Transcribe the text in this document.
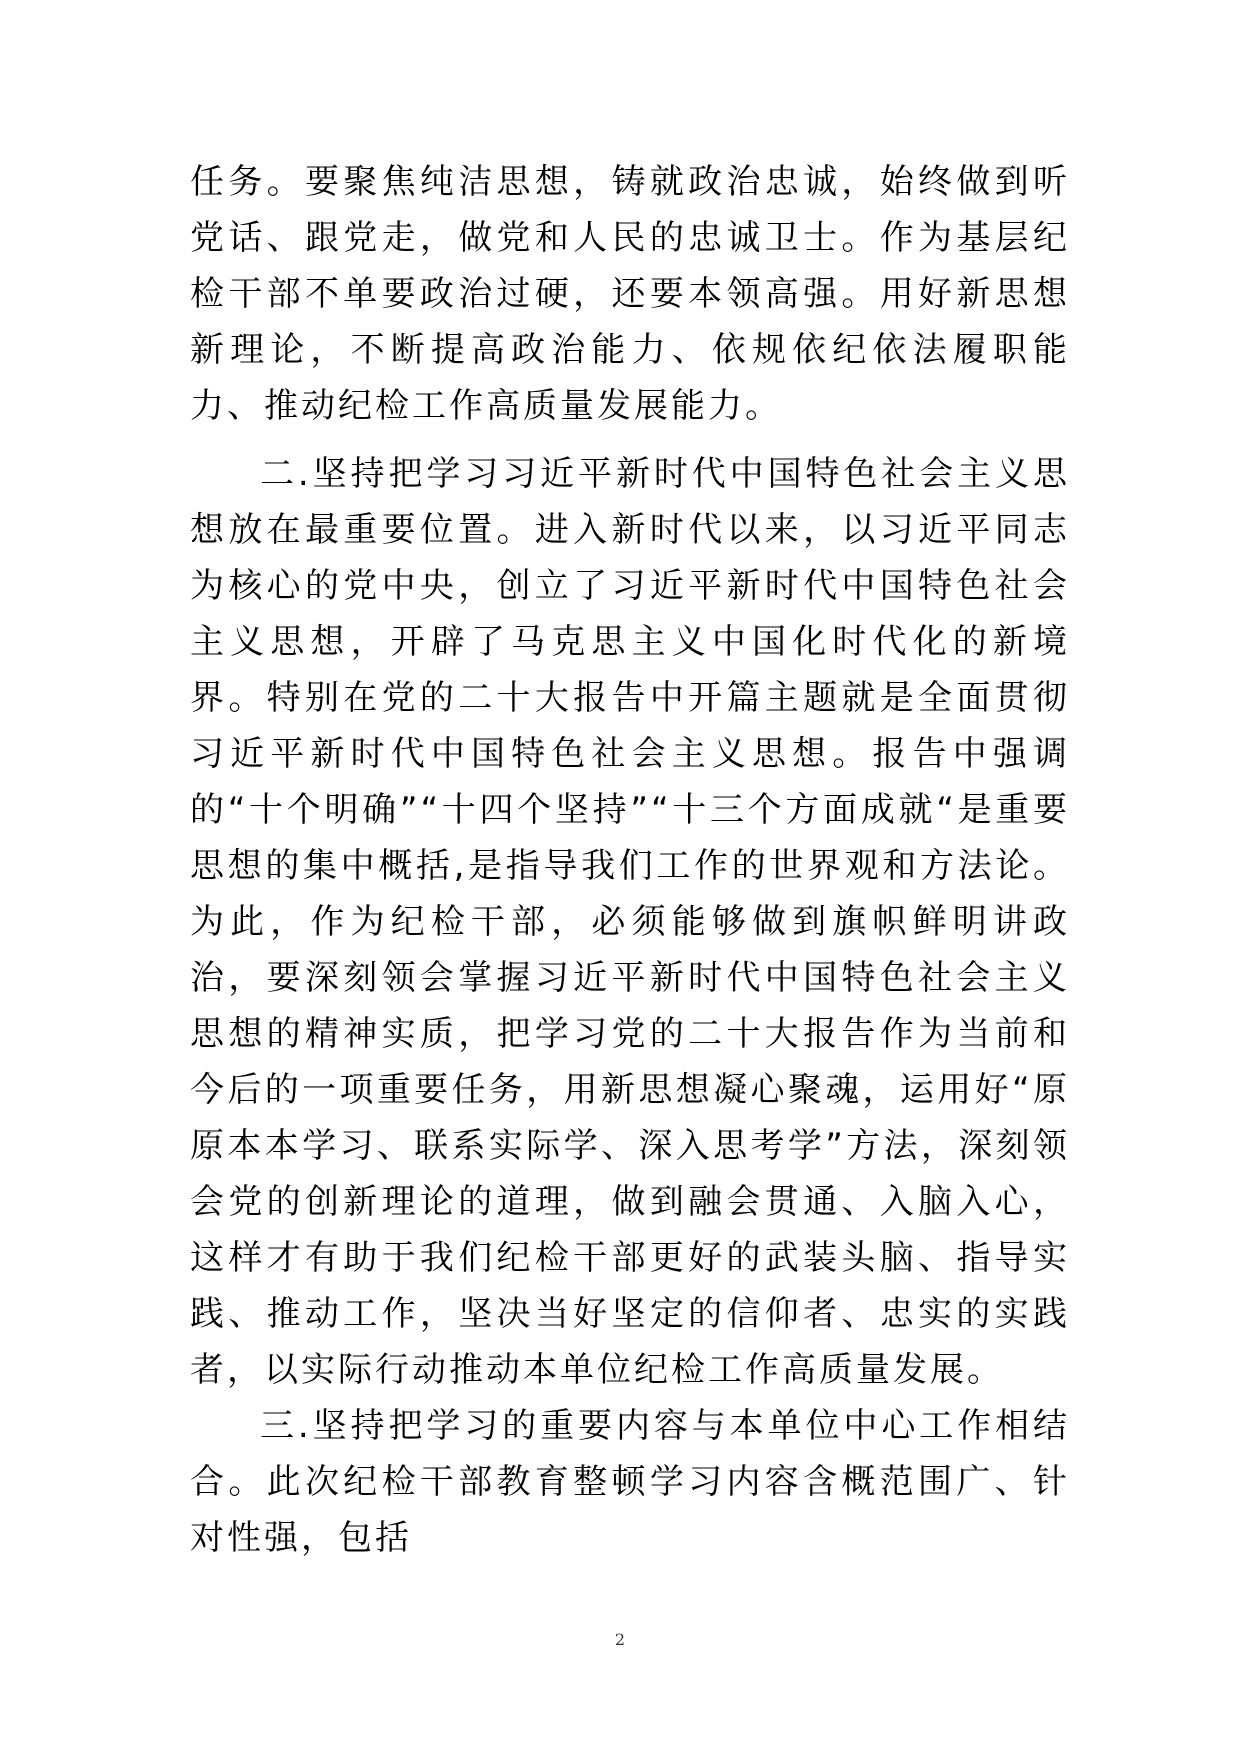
任务。要聚焦纯洁思想，铸就政治忠诚，始终做到听党话、跟党走，做党和人民的忠诚卫士。作为基层纪检干部不单要政治过硬，还要本领高强。用好新思想新理论，不断提高政治能力、依规依纪依法履职能力、推动纪检工作高质量发展能力。

二.坚持把学习习近平新时代中国特色社会主义思想放在最重要位置。进入新时代以来，以习近平同志为核心的党中央，创立了习近平新时代中国特色社会主义思想，开辟了马克思主义中国化时代化的新境界。特别在党的二十大报告中开篇主题就是全面贯彻习近平新时代中国特色社会主义思想。报告中强调的“十个明确”“十四个坚持”“十三个方面成就“是重要思想的集中概括,是指导我们工作的世界观和方法论。为此，作为纪检干部，必须能够做到旗帜鲜明讲政治，要深刻领会掌握习近平新时代中国特色社会主义思想的精神实质，把学习党的二十大报告作为当前和今后的一项重要任务，用新思想凝心聚魂，运用好“原原本本学习、联系实际学、深入思考学”方法，深刻领会党的创新理论的道理，做到融会贯通、入脑入心，这样才有助于我们纪检干部更好的武装头脑、指导实践、推动工作，坚决当好坚定的信仰者、忠实的实践者，以实际行动推动本单位纪检工作高质量发展。

三.坚持把学习的重要内容与本单位中心工作相结合。此次纪检干部教育整顿学习内容含概范围广、针对性强，包括

2
